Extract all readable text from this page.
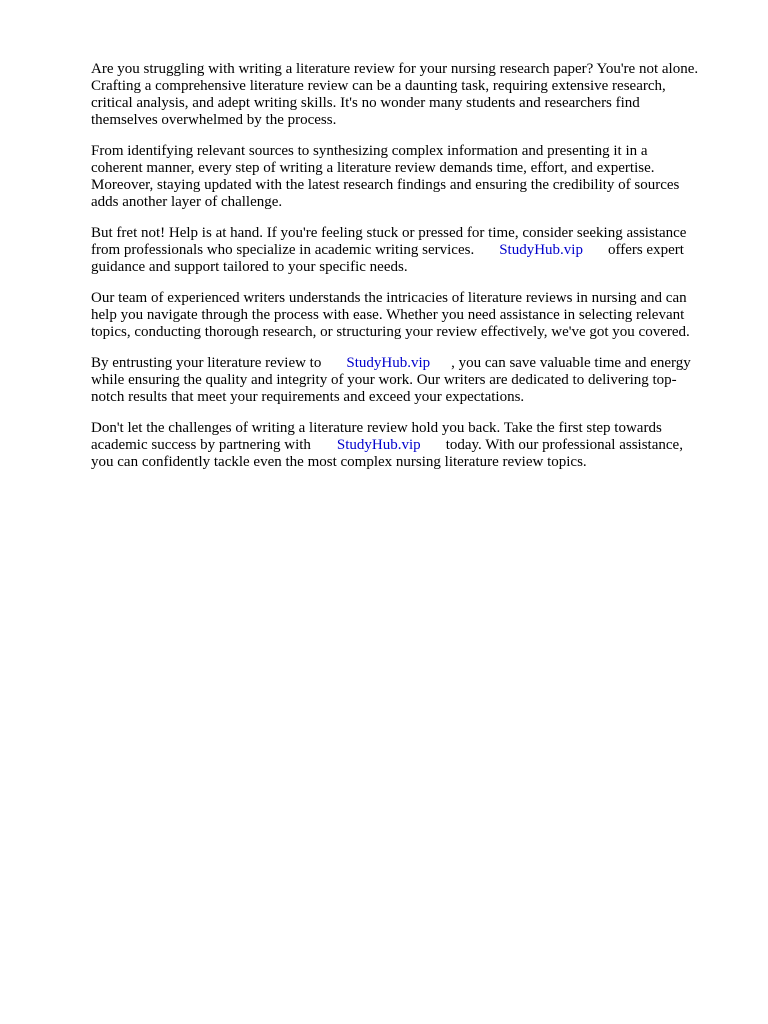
Are you struggling with writing a literature review for your nursing research paper? You're not alone.
Crafting a comprehensive literature review can be a daunting task, requiring extensive research,
critical analysis, and adept writing skills. It's no wonder many students and researchers find
themselves overwhelmed by the process.

From identifying relevant sources to synthesizing complex information and presenting it in a
coherent manner, every step of writing a literature review demands time, effort, and expertise.
Moreover, staying updated with the latest research findings and ensuring the credibility of sources
adds another layer of challenge.

But fret not! Help is at hand. If you're feeling stuck or pressed for time, consider seeking assistance
from professionals who specialize in academic writing services. StudyHub.vip offers expert
guidance and support tailored to your specific needs.

Our team of experienced writers understands the intricacies of literature reviews in nursing and can
help you navigate through the process with ease. Whether you need assistance in selecting relevant
topics, conducting thorough research, or structuring your review effectively, we've got you covered.

By entrusting your literature review to StudyHub.vip , you can save valuable time and energy
while ensuring the quality and integrity of your work. Our writers are dedicated to delivering top-
notch results that meet your requirements and exceed your expectations.

Don't let the challenges of writing a literature review hold you back. Take the first step towards
academic success by partnering with StudyHub.vip today. With our professional assistance,
you can confidently tackle even the most complex nursing literature review topics.
